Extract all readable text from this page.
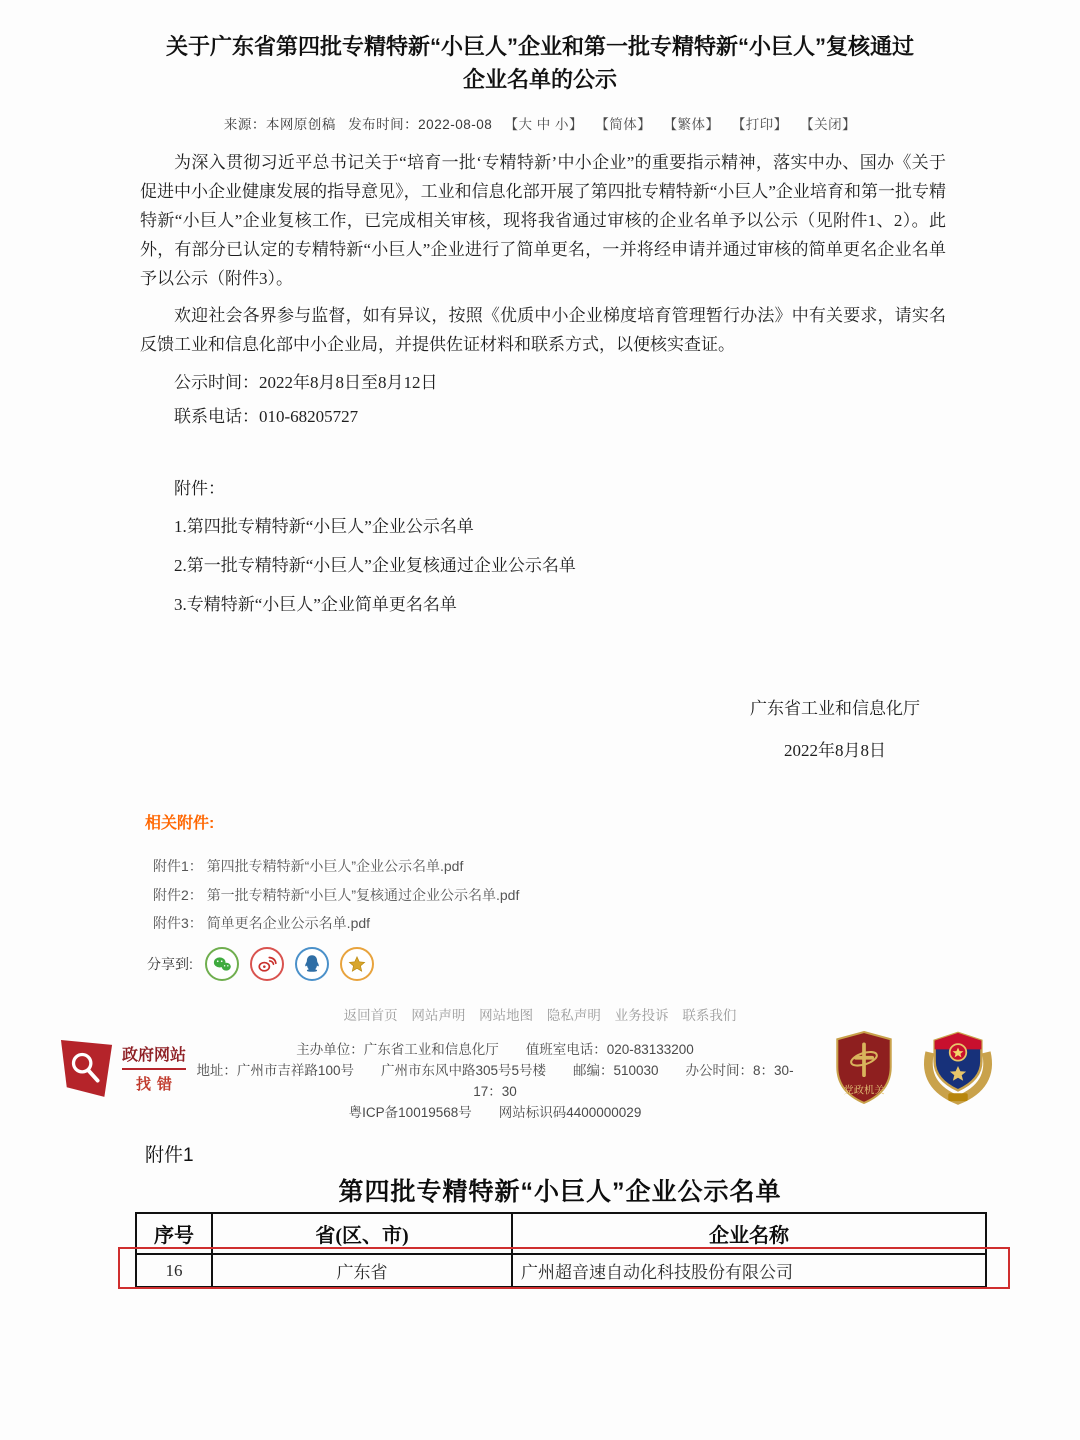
关于广东省第四批专精特新“小巨人”企业和第一批专精特新“小巨人”复核通过
企业名单的公示
来源：本网原创稿 发布时间：2022-08-08 【大 中 小】 【简体】 【繁体】 【打印】 【关闭】

为深入贯彻习近平总书记关于“培育一批‘专精特新’中小企业”的重要指示精神，落实中办、国办《关于促进中小企业健康发展的指导意见》，工业和信息化部开展了第四批专精特新“小巨人”企业培育和第一批专精特新“小巨人”企业复核工作，已完成相关审核，现将我省通过审核的企业名单予以公示（见附件1、2）。此外，有部分已认定的专精特新“小巨人”企业进行了简单更名，一并将经申请并通过审核的简单更名企业名单予以公示（附件3）。

欢迎社会各界参与监督，如有异议，按照《优质中小企业梯度培育管理暂行办法》中有关要求，请实名反馈工业和信息化部中小企业局，并提供佐证材料和联系方式，以便核实查证。

公示时间：2022年8月8日至8月12日

联系电话：010-68205727

附件：

1.第四批专精特新“小巨人”企业公示名单

2.第一批专精特新“小巨人”企业复核通过企业公示名单

3.专精特新“小巨人”企业简单更名名单

广东省工业和信息化厅
2022年8月8日
相关附件:
附件1： 第四批专精特新“小巨人”企业公示名单.pdf
附件2： 第一批专精特新“小巨人”复核通过企业公示名单.pdf
附件3： 简单更名企业公示名单.pdf
分享到:
返回首页 网站声明 网站地图 隐私声明 业务投诉 联系我们
政府网站
找错
主办单位：广东省工业和信息化厅　　值班室电话：020-83133200
地址：广州市吉祥路100号　　广州市东风中路305号5号楼　　邮编：510030　　办公时间：8：30-17：30
粤ICP备10019568号　　网站标识码4400000029
党政机关
附件1
第四批专精特新“小巨人”企业公示名单
序号	省(区、市)	企业名称
16	广东省	广州超音速自动化科技股份有限公司
